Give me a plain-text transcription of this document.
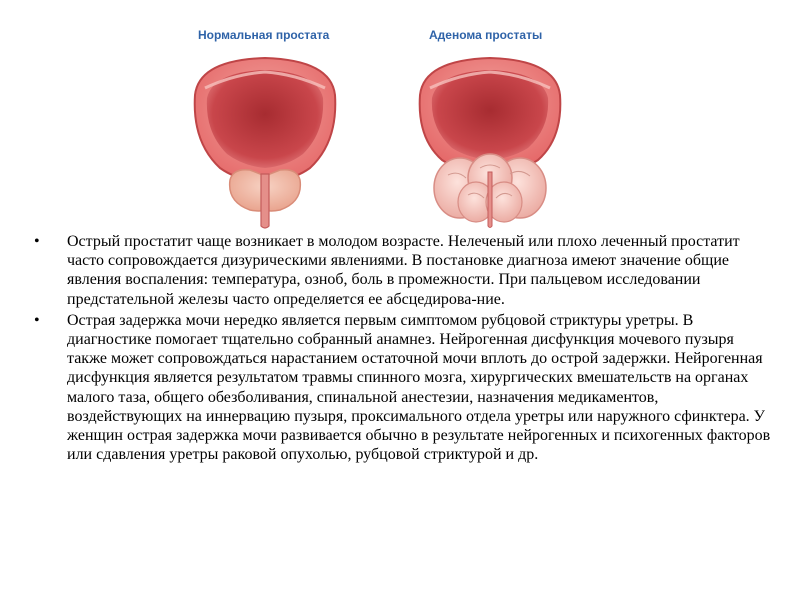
Нормальная простата	Аденома простаты
• Острый простатит чаще возникает в молодом возрасте. Нелеченый или плохо леченный простатит часто сопровождается дизурическими явлениями. В постановке диагноза имеют значение общие явления воспаления: температура, озноб, боль в промежности. При пальцевом исследовании предстательной железы часто определяется ее абсцедирова-ние.
• Острая задержка мочи нередко является первым симптомом рубцовой стриктуры уретры. В диагностике помогает тщательно собранный анамнез. Нейрогенная дисфункция мочевого пузыря также может сопровождаться нарастанием остаточной мочи вплоть до острой задержки. Нейрогенная дисфункция является результатом травмы спинного мозга, хирургических вмешательств на органах малого таза, общего обезболивания, спинальной анестезии, назначения медикаментов, воздействующих на иннервацию пузыря, проксимального отдела уретры или наружного сфинктера. У женщин острая задержка мочи развивается обычно в результате нейрогенных и психогенных факторов или сдавления уретры раковой опухолью, рубцовой стриктурой и др.
